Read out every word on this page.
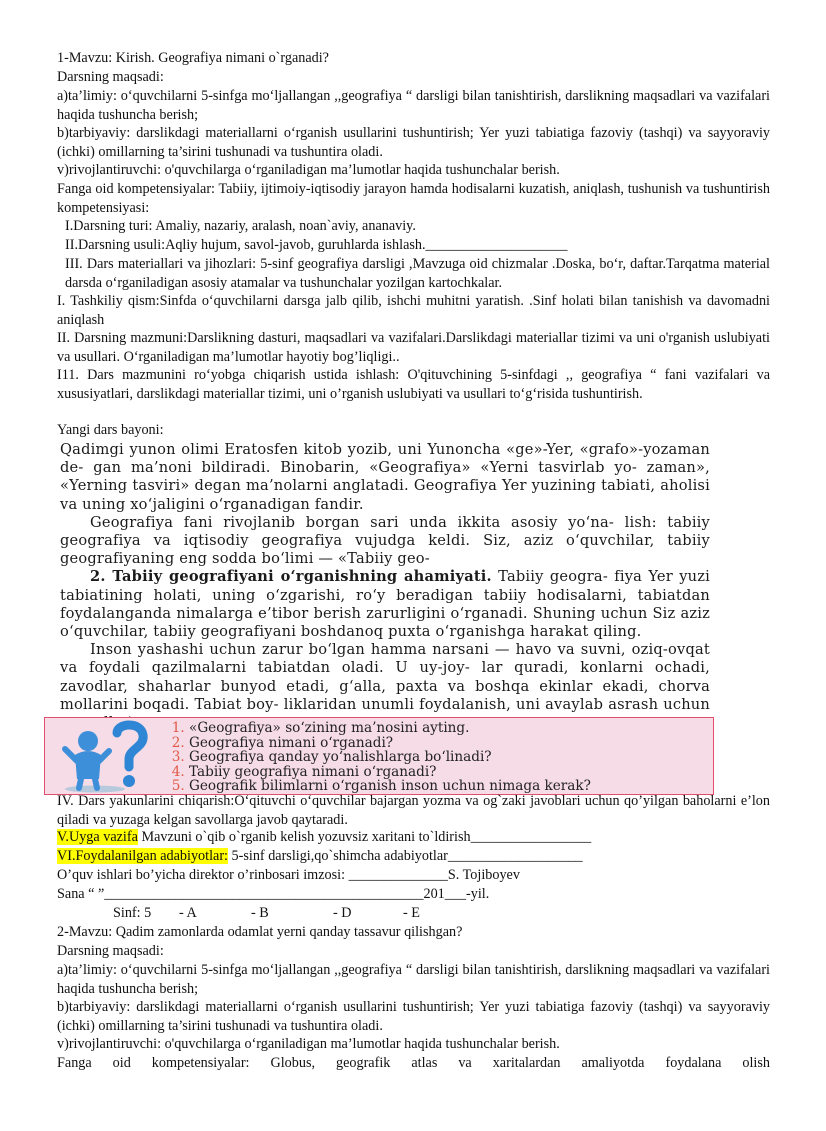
1-Mavzu: Kirish. Geografiya nimani o`rganadi?
Darsning maqsadi:
a)ta’limiy: o‘quvchilarni 5-sinfga mo‘ljallangan ,,geografiya “ darsligi bilan tanishtirish, darslikning maqsadlari va vazifalari haqida tushuncha berish;
b)tarbiyaviy: darslikdagi materiallarni o‘rganish usullarini tushuntirish; Yer yuzi tabiatiga fazoviy (tashqi) va sayyoraviy (ichki) omillarning ta’sirini tushunadi va tushuntira oladi.
v)rivojlantiruvchi: o'quvchilarga o‘rganiladigan ma’lumotlar haqida tushunchalar berish.
Fanga oid kompetensiyalar: Tabiiy, ijtimoiy-iqtisodiy jarayon hamda hodisalarni kuzatish, aniqlash, tushunish va tushuntirish kompetensiyasi:
I.Darsning turi: Amaliy, nazariy, aralash, noan`aviy, ananaviy.
II.Darsning usuli:Aqliy hujum, savol-javob, guruhlarda ishlash.____________________
III. Dars materiallari va jihozlari: 5-sinf geografiya darsligi ,Mavzuga oid chizmalar .Doska, bo‘r, daftar.Tarqatma material darsda o‘rganiladigan asosiy atamalar va tushunchalar yozilgan kartochkalar.
I. Tashkiliy qism:Sinfda o‘quvchilarni darsga jalb qilib, ishchi muhitni yaratish. .Sinf holati bilan tanishish va davomadni aniqlash
II. Darsning mazmuni:Darslikning dasturi, maqsadlari va vazifalari.Darslikdagi materiallar tizimi va uni o'rganish uslubiyati va usullari. O‘rganiladigan ma’lumotlar hayotiy bog’liqligi..
I11. Dars mazmunini ro‘yobga chiqarish ustida ishlash: O'qituvchining 5-sinfdagi ,, geografiya “ fani vazifalari va xususiyatlari, darslikdagi materiallar tizimi, uni o’rganish uslubiyati va usullari to‘g‘risida tushuntirish.
Yangi dars bayoni:
Qadimgi yunon olimi Eratosfen kitob yozib, uni Yunoncha «ge»-Yer, «grafo»-yozaman de- gan ma’noni bildiradi. Binobarin, «Geografiya» «Yerni tasvirlab yo- zaman», «Yerning tasviri» degan ma’nolarni anglatadi. Geografiya Yer yuzining tabiati, aholisi va uning xo‘jaligini o‘rganadigan fandir.
Geografiya fani rivojlanib borgan sari unda ikkita asosiy yo‘na- lish: tabiiy geografiya va iqtisodiy geografiya vujudga keldi. Siz, aziz o‘quvchilar, tabiiy geografiyaning eng sodda bo‘limi — «Tabiiy geo-
2. Tabiiy geografiyani o‘rganishning ahamiyati. Tabiiy geogra- fiya Yer yuzi tabiatining holati, uning o‘zgarishi, ro‘y beradigan tabiiy hodisalarni, tabiatdan foydalanganda nimalarga e’tibor berish zarurligini o‘rganadi. Shuning uchun Siz aziz o‘quvchilar, tabiiy geografiyani boshdanoq puxta o‘rganishga harakat qiling.
Inson yashashi uchun zarur bo‘lgan hamma narsani — havo va suvni, oziq-ovqat va foydali qazilmalarni tabiatdan oladi. U uy-joy- lar quradi, konlarni ochadi, zavodlar, shaharlar bunyod etadi, g‘alla, paxta va boshqa ekinlar ekadi, chorva mollarini boqadi. Tabiat boy- liklaridan unumli foydalanish, uni avaylab asrash uchun
1. «Geografiya» so‘zining ma’nosini ayting.
2. Geografiya nimani o‘rganadi?
3. Geografiya qanday yo‘nalishlarga bo‘linadi?
4. Tabiiy geografiya nimani o‘rganadi?
5. Geografik bilimlarni o‘rganish inson uchun nimaga kerak?
IV. Dars yakunlarini chiqarish:O‘qituvchi o‘quvchilar bajargan yozma va og`zaki javoblari uchun qo’yilgan baholarni e’lon qiladi va yuzaga kelgan savollarga javob qaytaradi.
V.Uyga vazifa Mavzuni o`qib o`rganib kelish yozuvsiz xaritani to`ldirish_________________
VI.Foydalanilgan adabiyotlar: 5-sinf darsligi,qo`shimcha adabiyotlar___________________
O’quv ishlari bo’yicha direktor o’rinbosari imzosi: ______________S. Tojiboyev
Sana “ ”_____________________________________________201___-yil.
Sinf: 5 - A	- B	- D	- E
2-Mavzu: Qadim zamonlarda odamlat yerni qanday tassavur qilishgan?
Darsning maqsadi:
a)ta’limiy: o‘quvchilarni 5-sinfga mo‘ljallangan ,,geografiya “ darsligi bilan tanishtirish, darslikning maqsadlari va vazifalari haqida tushuncha berish;
b)tarbiyaviy: darslikdagi materiallarni o‘rganish usullarini tushuntirish; Yer yuzi tabiatiga fazoviy (tashqi) va sayyoraviy (ichki) omillarning ta’sirini tushunadi va tushuntira oladi.
v)rivojlantiruvchi: o'quvchilarga o‘rganiladigan ma’lumotlar haqida tushunchalar berish.
Fanga oid kompetensiyalar: Globus, geografik atlas va xaritalardan amaliyotda foydalana olish
